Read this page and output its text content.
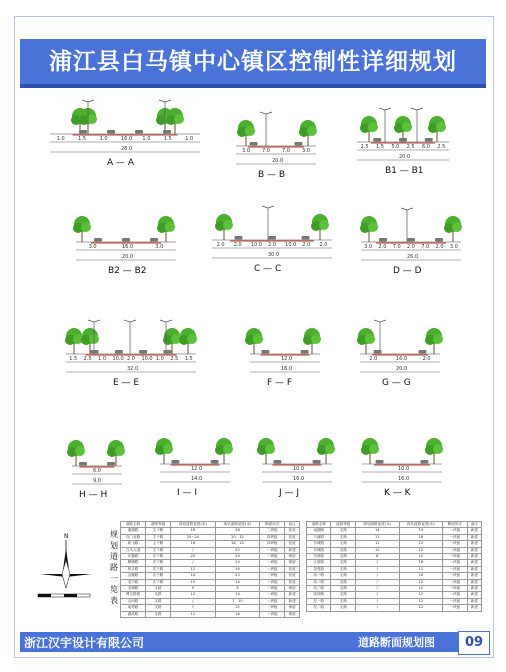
浦江县白马镇中心镇区控制性详细规划
1.0	1.5	1.0	16.0 1.0	1.5	1.0
28.0
A — A
3.0 7.0 7.0 3.0
20.0
B — B
2.5 1.5 5.0 2.5 6.0 2.5
20.0
B1 — B1
3.0	16.0	3.0
20.0
B2 — B2
2.0 2.0 10.0 2.0 10.0 2.0 2.0
30.0
C — C
3.0 2.0 7.0 2.0 7.0 2.0 3.0
26.0
D — D
1.5 2.5 1.0 10.0 2.0 10.0 1.0 2.5 1.5
32.0
E — E
12.0
16.0
F — F
2.0	16.0	2.0
20.0
G — G
6.0
9.0
H — H
12.0
14.0
I — I
10.0
16.0
J — J
10.0
16.0
K — K
N	规
划
道
路
一
览
表
道路名称	道路等级	规划道路宽度(米)	现状道路宽度(米)	断面形式	备注
通湖路	主干路	16	28	三块板	拓宽
白门北路	主干路	20~24	20、32	四块板	拓宽
新飞路	主干路	16	16、14	四块板	拓宽
白马大道	主干路	/	20	一块板	新建
东鑫路	次干路	20	24	一块板	保留
横塘路	次干路	/	24	一块板	保留
桥头路	次干路	12	16	一块板	拓宽
金藤路	次干路	14	20	一块板	拓宽
龙中路	次干路	10	14	一块板	拓宽
龙湖路	支路	9	9	一块板	保留
傅宅路路	支路	12	14	一块板	新建
沿河路	支路	/	7、10	一块板	新建
南苑路	支路	7	12	一块板	保留
湖滨路	支路	12	16	一块板	保留
道路名称	道路等级	规划道路宽度(米)	现状道路宽度(米)	断面形式	备注
南湖路	支路	14	14	一块板	新建
与浦路	支路	11	16	一块板	新建
东城路	支路	12	12	一块板	新建
东城路	支路	12	12	一块板	新建
东苑路	支路	8	12	一块板	新建
江滨路	支路	/	16	一块板	新建
龙苑路	支路	/	12	一块板	新建
纬一路	支路	/	16	一块板	新建
纬二路	支路	/	12	一块板	新建
纬三路	支路	/	12	一块板	新建
纬四路	支路	/	12	一块板	新建
经一路	支路	/	12	一块板	新建
经二路	支路	/	12	一块板	新建
浙江汉宇设计有限公司	道路断面规划图	09
